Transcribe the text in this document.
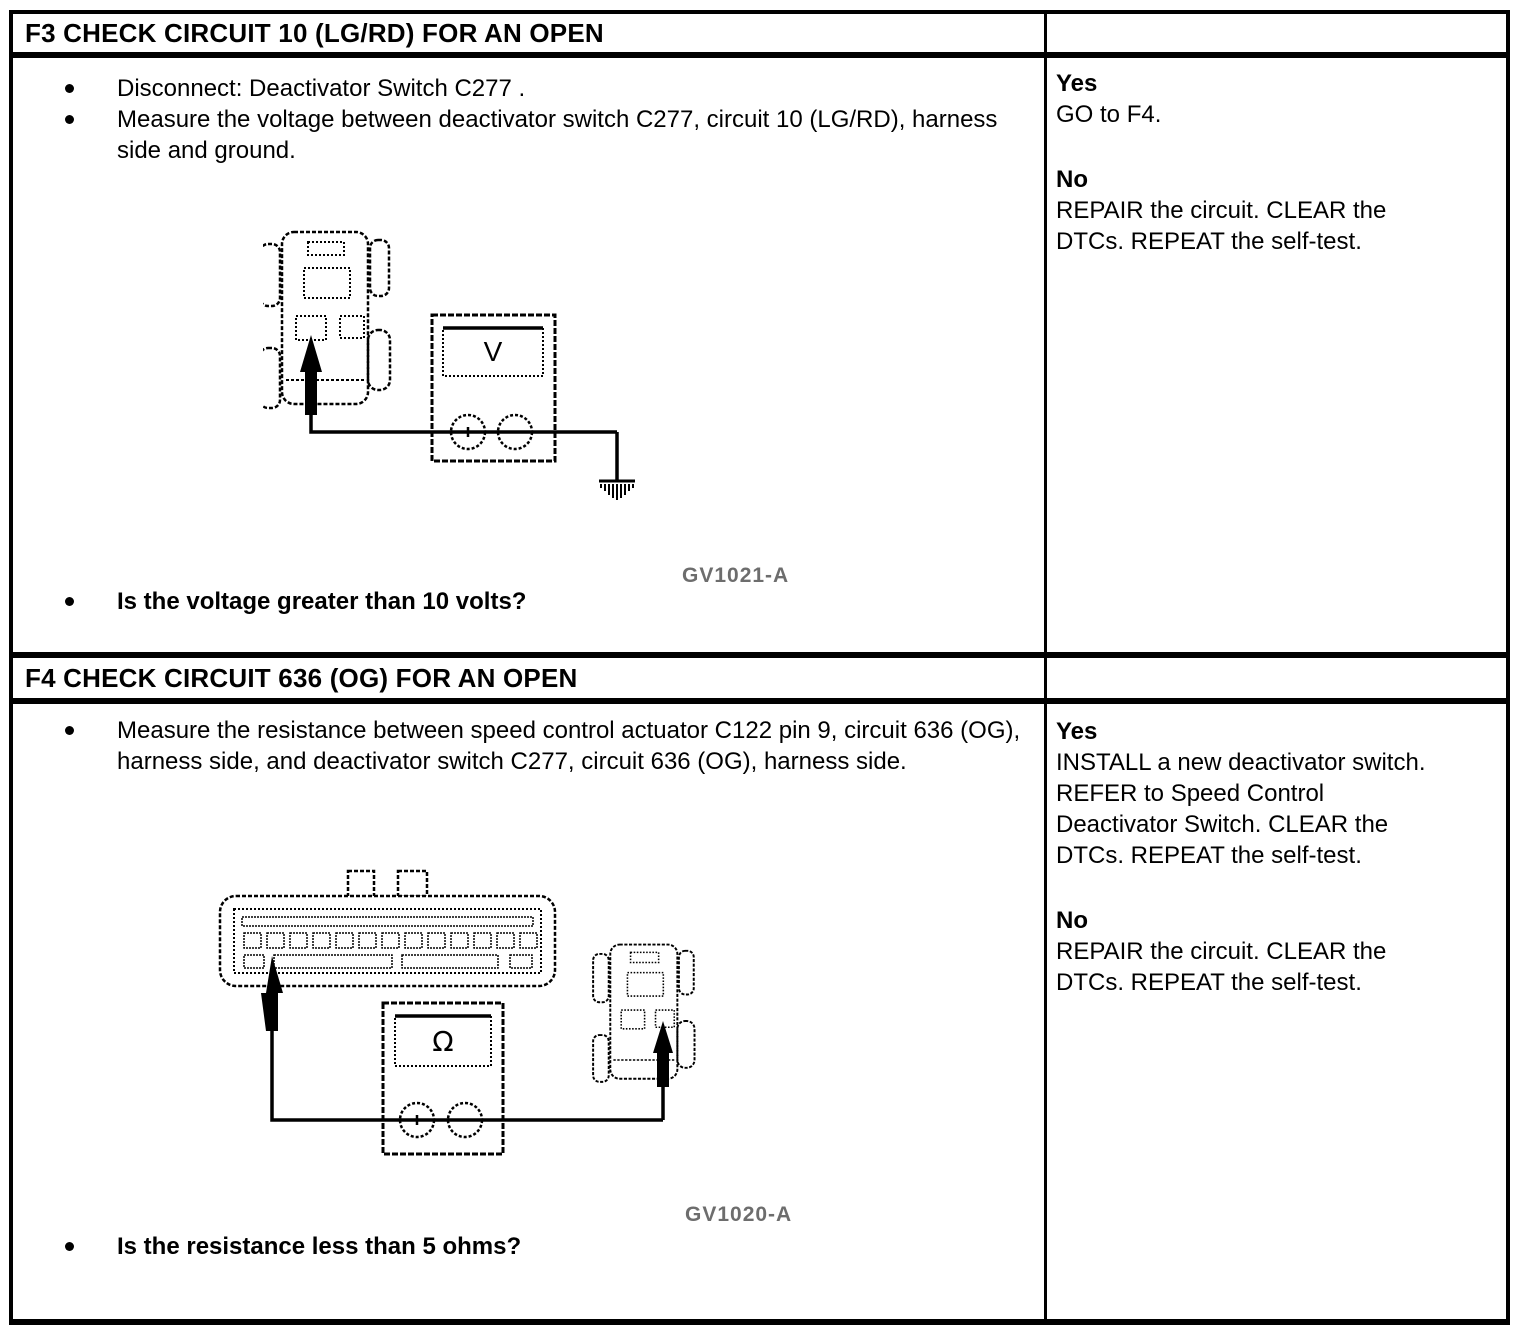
F3 CHECK CIRCUIT 10 (LG/RD) FOR AN OPEN
Disconnect: Deactivator Switch C277 .
Measure the voltage between deactivator switch C277, circuit 10 (LG/RD), harness side and ground.
V
GV1021-A
Is the voltage greater than 10 volts?
Yes
GO to F4.
No
REPAIR the circuit. CLEAR the
DTCs. REPEAT the self-test.
F4 CHECK CIRCUIT 636 (OG) FOR AN OPEN
Measure the resistance between speed control actuator C122 pin 9, circuit 636 (OG), harness side, and deactivator switch C277, circuit 636 (OG), harness side.
Ω
GV1020-A
Is the resistance less than 5 ohms?
Yes
INSTALL a new deactivator switch.
REFER to Speed Control
Deactivator Switch. CLEAR the
DTCs. REPEAT the self-test.
No
REPAIR the circuit. CLEAR the
DTCs. REPEAT the self-test.
